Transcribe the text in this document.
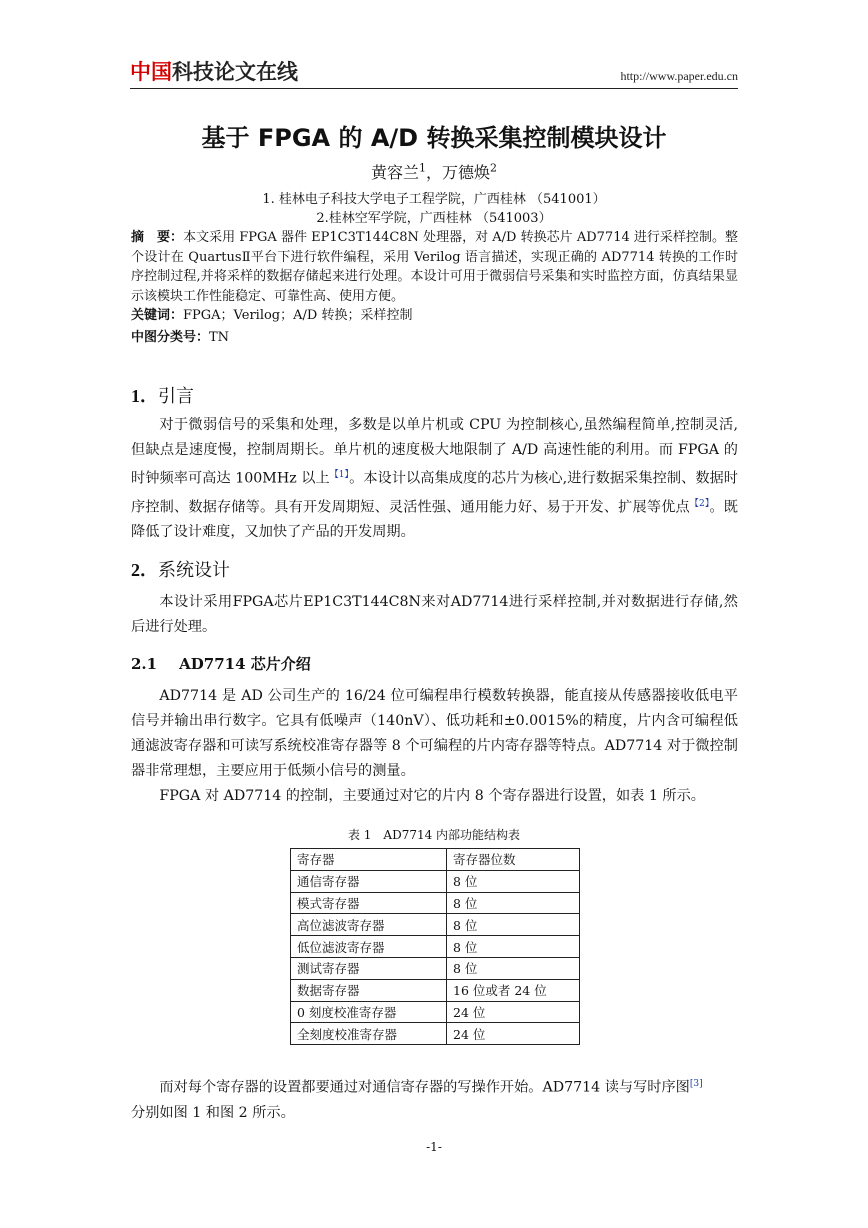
中国科技论文在线	http://www.paper.edu.cn
基于 FPGA 的 A/D 转换采集控制模块设计
黄容兰$^1$，万德焕$^2$
1. 桂林电子科技大学电子工程学院，广西桂林 （541001）
2.桂林空军学院，广西桂林 （541003）
摘　要：本文采用 FPGA 器件 EP1C3T144C8N 处理器，对 A/D 转换芯片 AD7714 进行采样控制。整个设计在 QuartusⅡ平台下进行软件编程，采用 Verilog 语言描述，实现正确的 AD7714 转换的工作时序控制过程,并将采样的数据存储起来进行处理。本设计可用于微弱信号采集和实时监控方面，仿真结果显示该模块工作性能稳定、可靠性高、使用方便。
关键词：FPGA；Verilog；A/D 转换；采样控制
中图分类号：TN
1．引言
对于微弱信号的采集和处理，多数是以单片机或 CPU 为控制核心,虽然编程简单,控制灵活,但缺点是速度慢，控制周期长。单片机的速度极大地限制了 A/D 高速性能的利用。而 FPGA 的时钟频率可高达 100MHz 以上$^{【1】}$。本设计以高集成度的芯片为核心,进行数据采集控制、数据时序控制、数据存储等。具有开发周期短、灵活性强、通用能力好、易于开发、扩展等优点$^{【2】}$。既降低了设计难度，又加快了产品的开发周期。
2．系统设计
本设计采用FPGA芯片EP1C3T144C8N来对AD7714进行采样控制,并对数据进行存储,然后进行处理。
2.1 AD7714 芯片介绍
AD7714 是 AD 公司生产的 16/24 位可编程串行模数转换器，能直接从传感器接收低电平信号并输出串行数字。它具有低噪声（140nV）、低功耗和±0.0015%的精度，片内含可编程低通滤波寄存器和可读写系统校准寄存器等 8 个可编程的片内寄存器等特点。AD7714 对于微控制器非常理想，主要应用于低频小信号的测量。
FPGA 对 AD7714 的控制，主要通过对它的片内 8 个寄存器进行设置，如表 1 所示。
表 1　AD7714 内部功能结构表
寄存器	寄存器位数
通信寄存器	8 位
模式寄存器	8 位
高位滤波寄存器	8 位
低位滤波寄存器	8 位
测试寄存器	8 位
数据寄存器	16 位或者 24 位
0 刻度校准寄存器	24 位
全刻度校准寄存器	24 位
而对每个寄存器的设置都要通过对通信寄存器的写操作开始。AD7714 读与写时序图[3]
分别如图 1 和图 2 所示。
-1-
